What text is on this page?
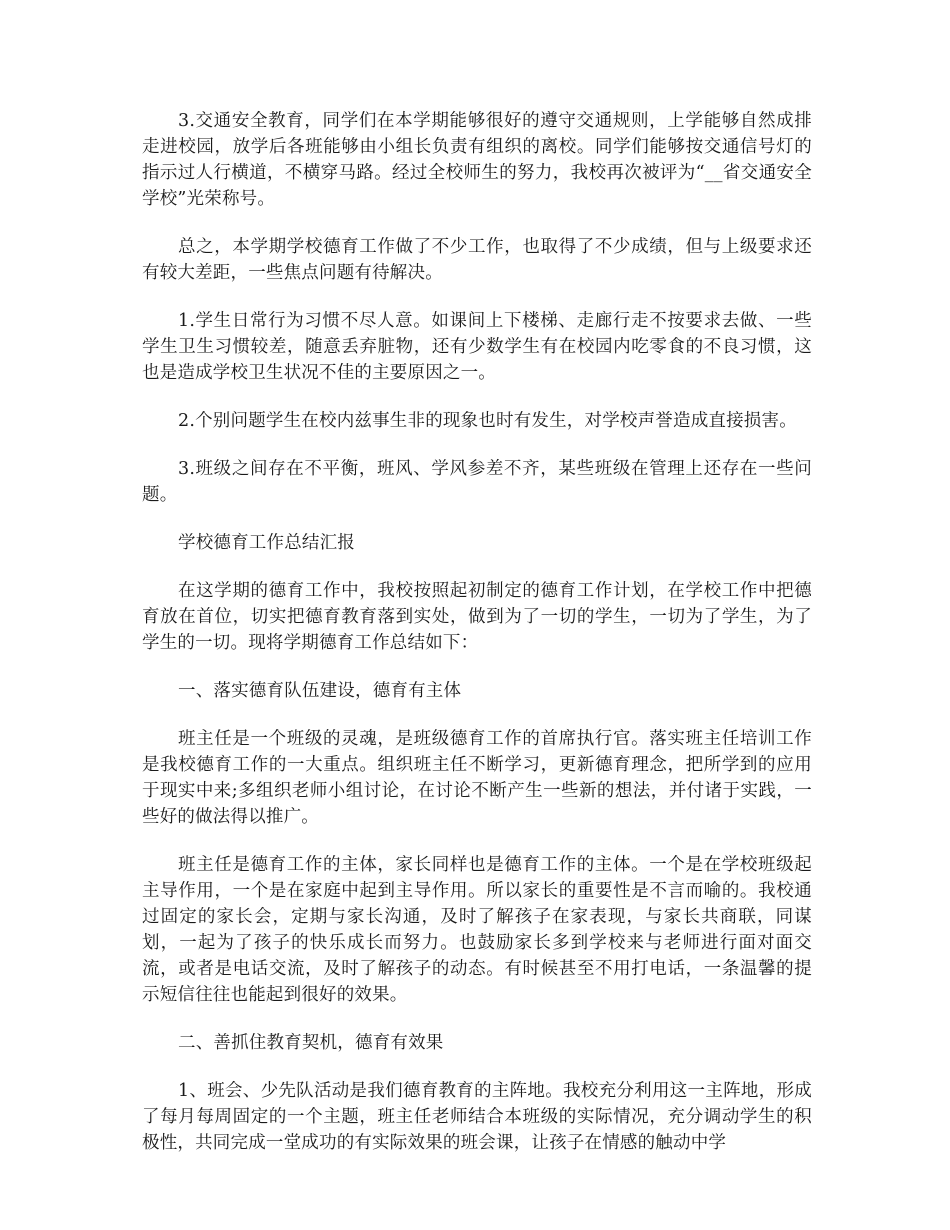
3.交通安全教育，同学们在本学期能够很好的遵守交通规则，上学能够自然成排走进校园，放学后各班能够由小组长负责有组织的离校。同学们能够按交通信号灯的指示过人行横道，不横穿马路。经过全校师生的努力，我校再次被评为“__省交通安全学校”光荣称号。

总之，本学期学校德育工作做了不少工作，也取得了不少成绩，但与上级要求还有较大差距，一些焦点问题有待解决。

1.学生日常行为习惯不尽人意。如课间上下楼梯、走廊行走不按要求去做、一些学生卫生习惯较差，随意丢弃脏物，还有少数学生有在校园内吃零食的不良习惯，这也是造成学校卫生状况不佳的主要原因之一。

2.个别问题学生在校内兹事生非的现象也时有发生，对学校声誉造成直接损害。

3.班级之间存在不平衡，班风、学风参差不齐，某些班级在管理上还存在一些问题。

学校德育工作总结汇报

在这学期的德育工作中，我校按照起初制定的德育工作计划，在学校工作中把德育放在首位，切实把德育教育落到实处，做到为了一切的学生，一切为了学生，为了学生的一切。现将学期德育工作总结如下：

一、落实德育队伍建设，德育有主体

班主任是一个班级的灵魂，是班级德育工作的首席执行官。落实班主任培训工作是我校德育工作的一大重点。组织班主任不断学习，更新德育理念，把所学到的应用于现实中来;多组织老师小组讨论，在讨论不断产生一些新的想法，并付诸于实践，一些好的做法得以推广。

班主任是德育工作的主体，家长同样也是德育工作的主体。一个是在学校班级起主导作用，一个是在家庭中起到主导作用。所以家长的重要性是不言而喻的。我校通过固定的家长会，定期与家长沟通，及时了解孩子在家表现，与家长共商联，同谋划，一起为了孩子的快乐成长而努力。也鼓励家长多到学校来与老师进行面对面交流，或者是电话交流，及时了解孩子的动态。有时候甚至不用打电话，一条温馨的提示短信往往也能起到很好的效果。

二、善抓住教育契机，德育有效果

1、班会、少先队活动是我们德育教育的主阵地。我校充分利用这一主阵地，形成了每月每周固定的一个主题，班主任老师结合本班级的实际情况，充分调动学生的积极性，共同完成一堂成功的有实际效果的班会课，让孩子在情感的触动中学
